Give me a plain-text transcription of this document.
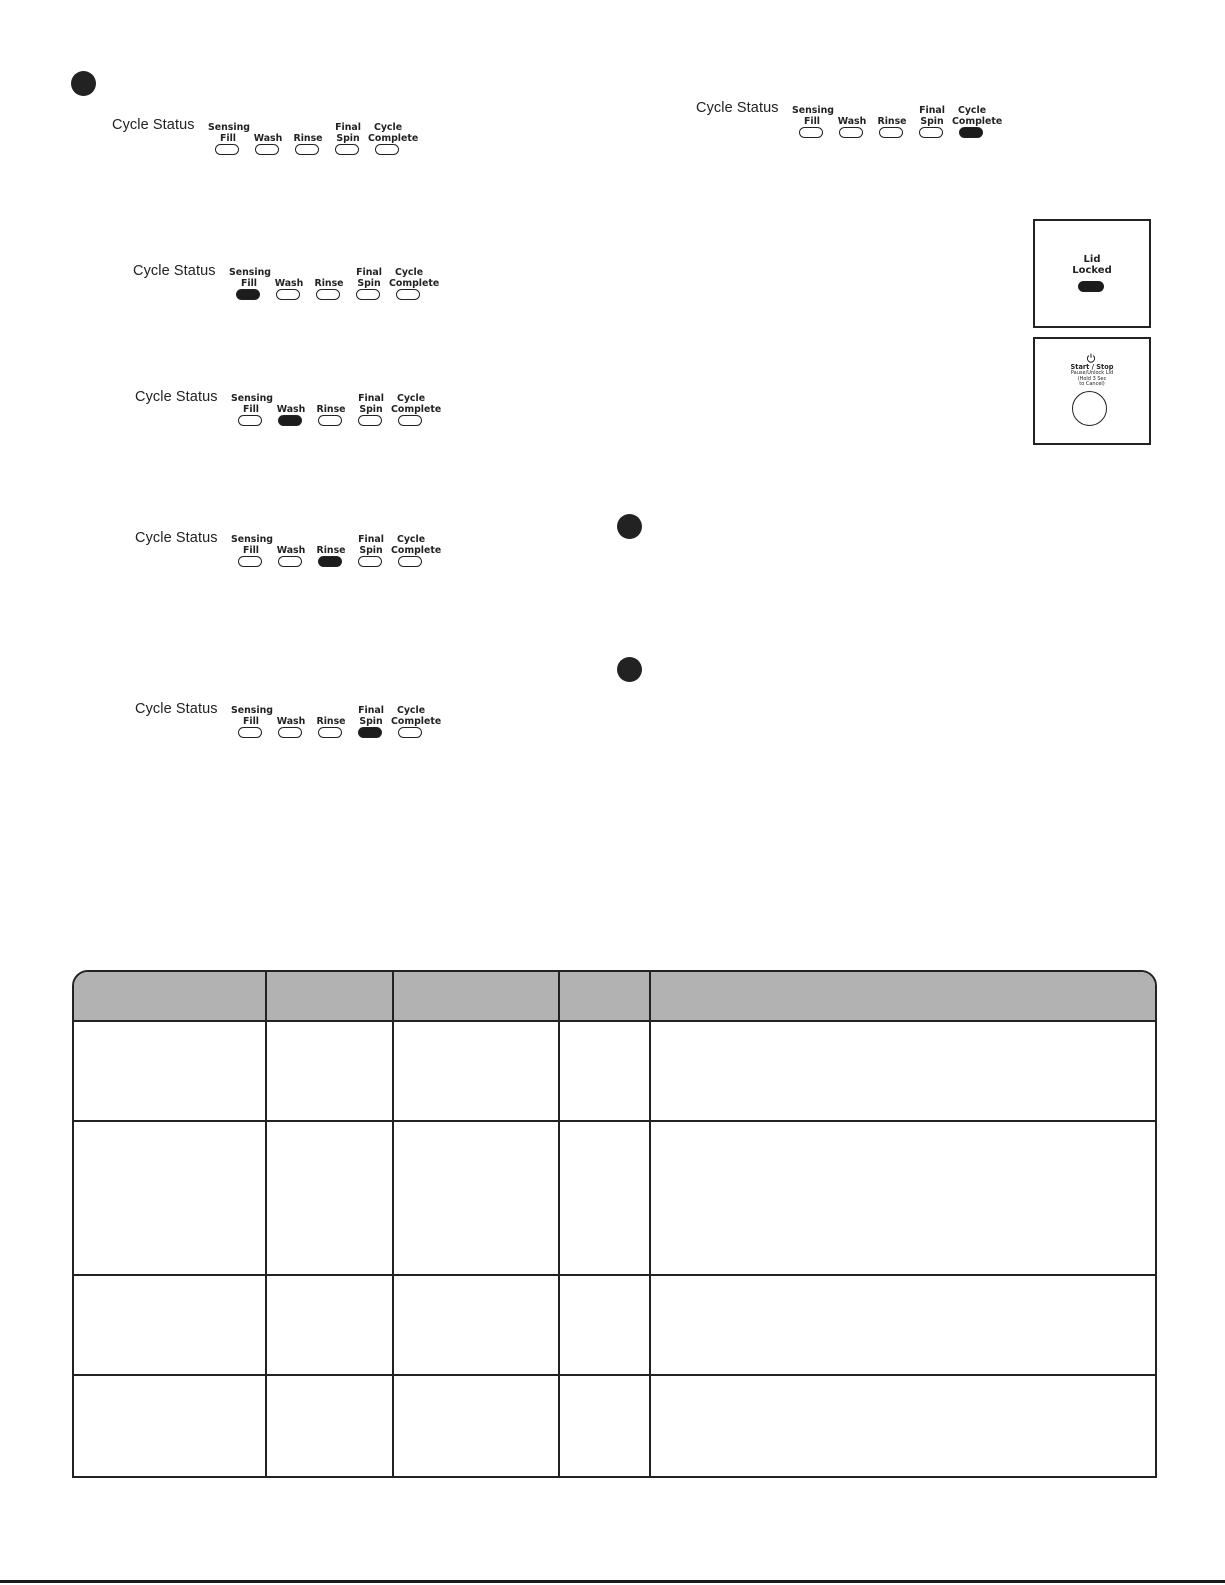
Cycle Status Sensing
Fill	Wash	Rinse
Final
Spin
Cycle
Complete
Cycle Status Sensing
Fill	Wash	Rinse
Final
Spin
Cycle
Complete
Cycle Status Sensing
Fill	Wash	Rinse
Final
Spin
Cycle
Complete
Cycle Status Sensing
Fill	Wash	Rinse
Final
Spin
Cycle
Complete
Cycle Status Sensing
Fill	Wash	Rinse
Final
Spin
Cycle
Complete
Cycle Status Sensing
Fill	Wash	Rinse
Final
Spin
Cycle
Complete
Lid
Locked
Start / Stop
Pause/Unlock Lid
(Hold 3 Sec
to Cancel)
